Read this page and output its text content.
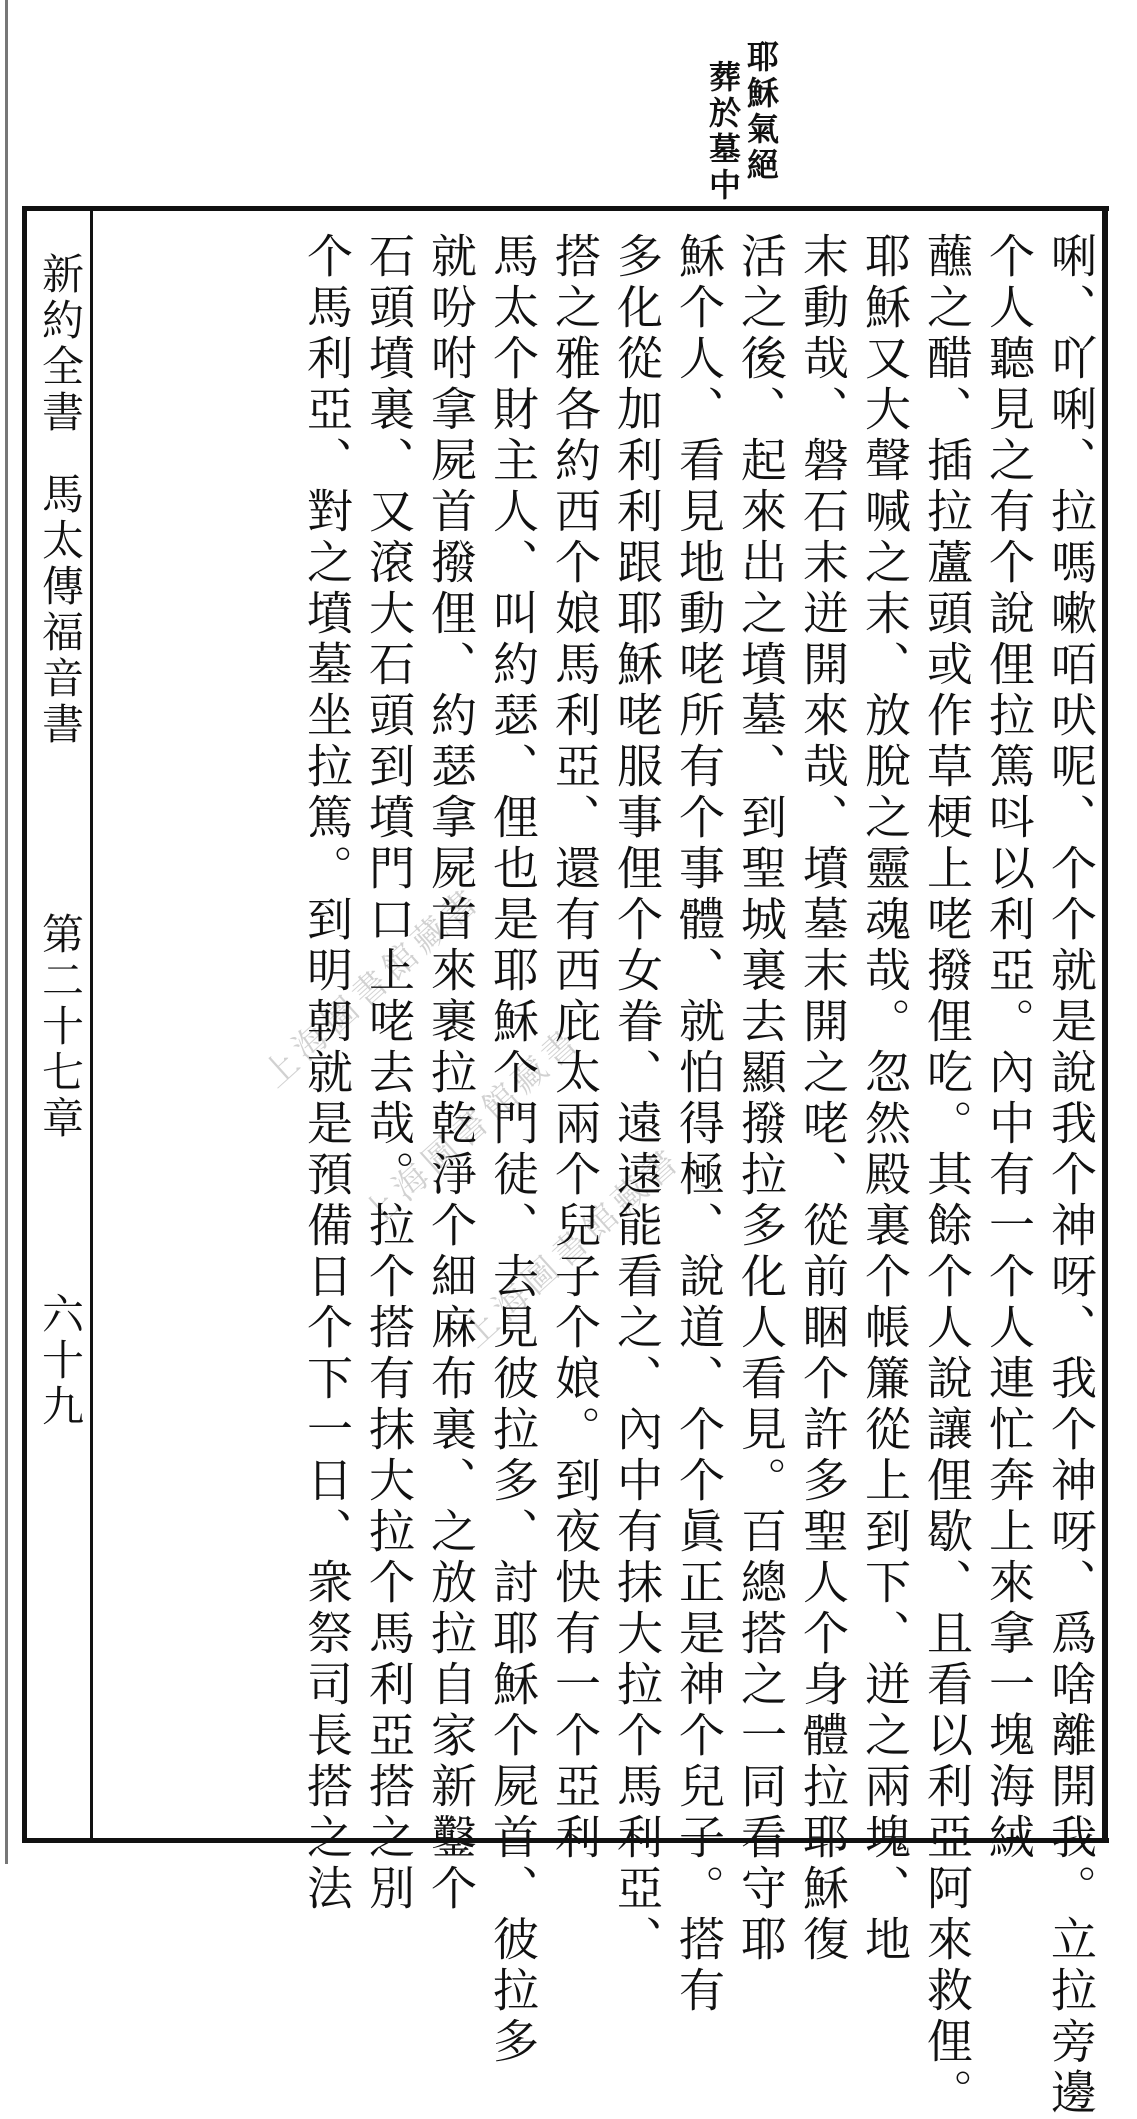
耶穌氣絕
葬於墓中
新約全書
馬太傳福音書
第二十七章
六十九	唎、吖唎、拉嗎嗽咟吠呢、个个就是說我个神呀、我个神呀、爲啥離開我。立拉旁邊
个人聽見之有个說俚拉篤呌以利亞。內中有一个人連忙奔上來拿一塊海絨
蘸之醋、插拉蘆頭或作草梗上咾撥俚吃。其餘个人說讓俚歇、且看以利亞阿來救俚。
耶穌又大聲喊之末、放脫之靈魂哉。忽然殿裏个帳簾從上到下、迸之兩塊、地
末動哉、磐石末迸開來哉、墳墓末開之咾、從前睏个許多聖人个身體拉耶穌復
活之後、起來出之墳墓、到聖城裏去顯撥拉多化人看見。百總搭之一同看守耶
穌个人、看見地動咾所有个事體、就怕得極、說道、个个眞正是神个兒子。搭有
多化從加利利跟耶穌咾服事俚个女眷、遠遠能看之、內中有抹大拉个馬利亞、
搭之雅各約西个娘馬利亞、還有西庇太兩个兒子个娘。到夜快有一个亞利
馬太个財主人、叫約瑟、俚也是耶穌个門徒、去見彼拉多、討耶穌个屍首、彼拉多
就吩咐拿屍首撥俚、約瑟拿屍首來裹拉乾淨个細麻布裏、之放拉自家新鑿个
石頭墳裏、又滾大石頭到墳門口上咾去哉。拉个搭有抹大拉个馬利亞搭之別
个馬利亞、對之墳墓坐拉篤。到明朝就是預備日个下一日、衆祭司長搭之法
上海圖書館藏書
上海圖書館藏書
上海圖書館藏書
